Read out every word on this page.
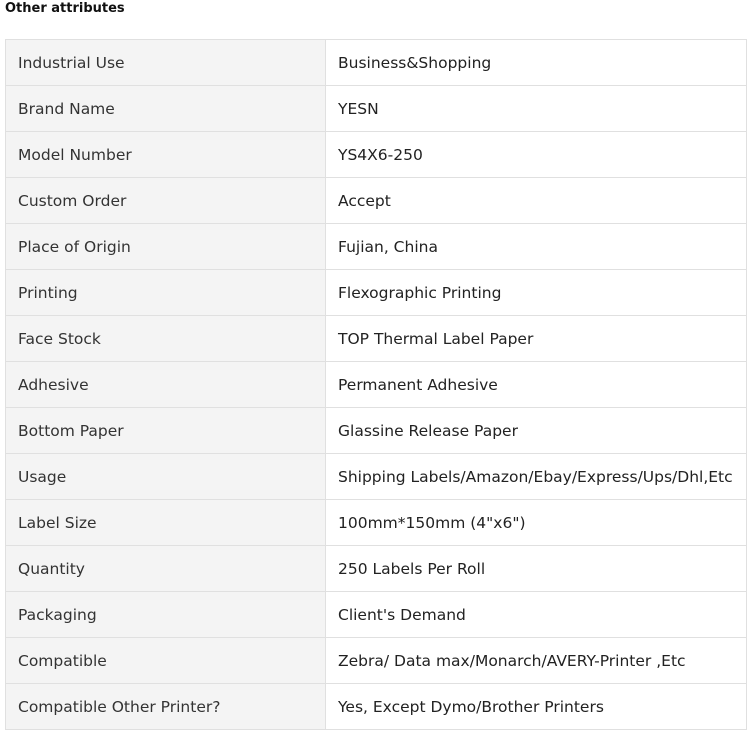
Other attributes
Industrial Use	Business&Shopping
Brand Name	YESN
Model Number	YS4X6-250
Custom Order	Accept
Place of Origin	Fujian, China
Printing	Flexographic Printing
Face Stock	TOP Thermal Label Paper
Adhesive	Permanent Adhesive
Bottom Paper	Glassine Release Paper
Usage	Shipping Labels/Amazon/Ebay/Express/Ups/Dhl,Etc
Label Size	100mm*150mm (4"x6")
Quantity	250 Labels Per Roll
Packaging	Client's Demand
Compatible	Zebra/ Data max/Monarch/AVERY-Printer ,Etc
Compatible Other Printer?	Yes, Except Dymo/Brother Printers
